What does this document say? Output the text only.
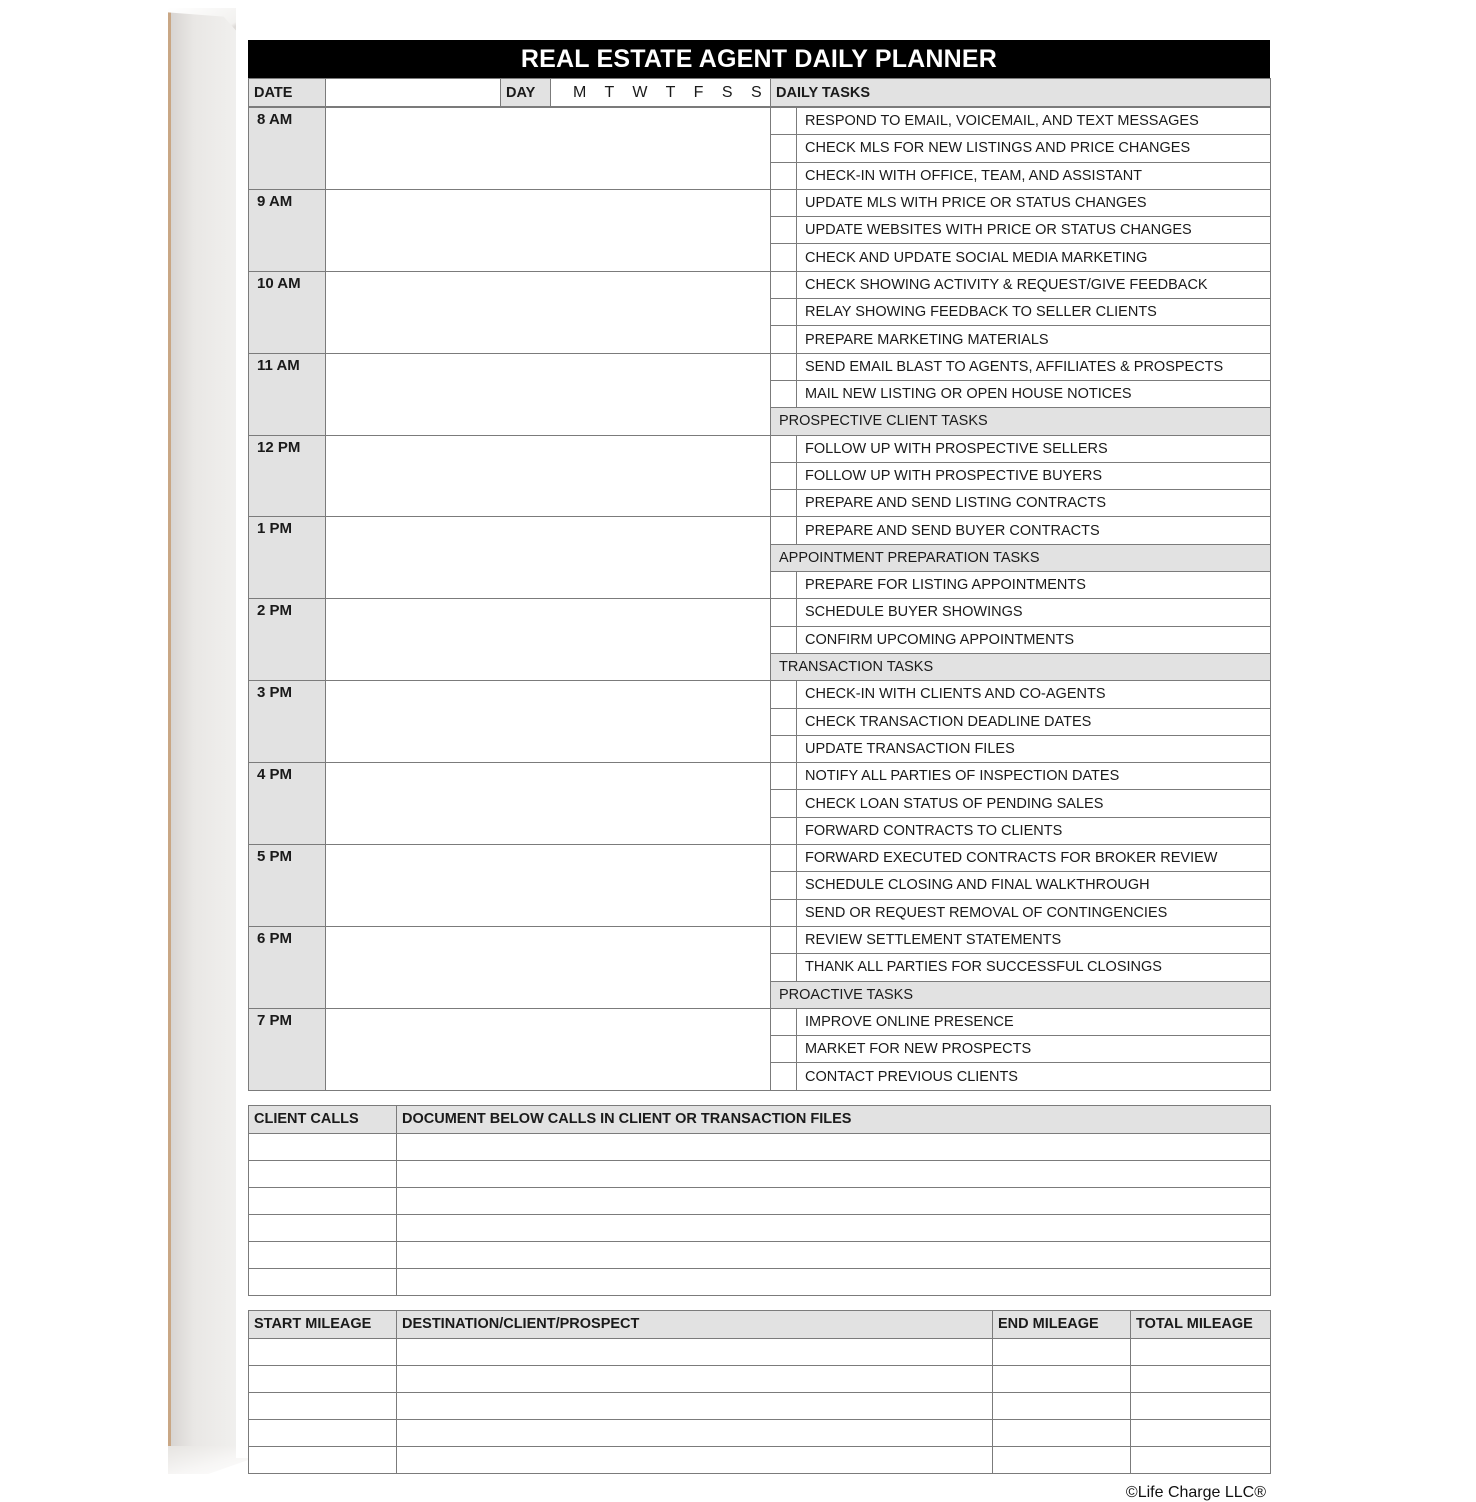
REAL ESTATE AGENT DAILY PLANNER
DATE		DAY	M T W T F S S	DAILY TASKS
8 AM			RESPOND TO EMAIL, VOICEMAIL, AND TEXT MESSAGES
			CHECK MLS FOR NEW LISTINGS AND PRICE CHANGES
			CHECK-IN WITH OFFICE, TEAM, AND ASSISTANT
9 AM			UPDATE MLS WITH PRICE OR STATUS CHANGES
			UPDATE WEBSITES WITH PRICE OR STATUS CHANGES
			CHECK AND UPDATE SOCIAL MEDIA MARKETING
10 AM			CHECK SHOWING ACTIVITY & REQUEST/GIVE FEEDBACK
			RELAY SHOWING FEEDBACK TO SELLER CLIENTS
			PREPARE MARKETING MATERIALS
11 AM			SEND EMAIL BLAST TO AGENTS, AFFILIATES & PROSPECTS
			MAIL NEW LISTING OR OPEN HOUSE NOTICES
		PROSPECTIVE CLIENT TASKS	
12 PM			FOLLOW UP WITH PROSPECTIVE SELLERS
			FOLLOW UP WITH PROSPECTIVE BUYERS
			PREPARE AND SEND LISTING CONTRACTS
1 PM			PREPARE AND SEND BUYER CONTRACTS
		APPOINTMENT PREPARATION TASKS	
			PREPARE FOR LISTING APPOINTMENTS
2 PM			SCHEDULE BUYER SHOWINGS
			CONFIRM UPCOMING APPOINTMENTS
		TRANSACTION TASKS	
3 PM			CHECK-IN WITH CLIENTS AND CO-AGENTS
			CHECK TRANSACTION DEADLINE DATES
			UPDATE TRANSACTION FILES
4 PM			NOTIFY ALL PARTIES OF INSPECTION DATES
			CHECK LOAN STATUS OF PENDING SALES
			FORWARD CONTRACTS TO CLIENTS
5 PM			FORWARD EXECUTED CONTRACTS FOR BROKER REVIEW
			SCHEDULE CLOSING AND FINAL WALKTHROUGH
			SEND OR REQUEST REMOVAL OF CONTINGENCIES
6 PM			REVIEW SETTLEMENT STATEMENTS
			THANK ALL PARTIES FOR SUCCESSFUL CLOSINGS
		PROACTIVE TASKS	
7 PM			IMPROVE ONLINE PRESENCE
			MARKET FOR NEW PROSPECTS
			CONTACT PREVIOUS CLIENTS
CLIENT CALLS	DOCUMENT BELOW CALLS IN CLIENT OR TRANSACTION FILES

START MILEAGE	DESTINATION/CLIENT/PROSPECT	END MILEAGE	TOTAL MILEAGE

©Life Charge LLC®
